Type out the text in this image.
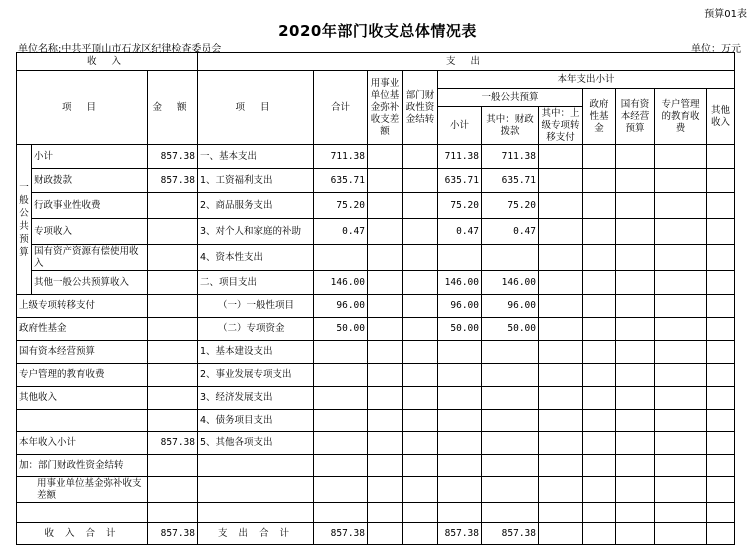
预算01表
2020年部门收支总体情况表
单位名称:中共平顶山市石龙区纪律检查委员会	单位：万元
收 入			支 出										
项 目		金 额	项 目	合计	用事业单位基金弥补收支差额	部门财政性资金结转	本年支出小计						
							一般公共预算			政府性基金	国有资本经营预算	专户管理的教育收费	其他收入
							小计	其中：财政拨款	其中：上级专项转移支付				

一般公共预算	小计	857.38	一、基本支出	711.38			711.38	711.38					
	财政拨款	857.38	1、工资福利支出	635.71			635.71	635.71					
	行政事业性收费		2、商品服务支出	75.20			75.20	75.20					
	专项收入		3、对个人和家庭的补助	0.47			0.47	0.47					
	国有资产资源有偿使用收入		4、资本性支出										
	其他一般公共预算收入		二、项目支出	146.00			146.00	146.00					
上级专项转移支付			（一）一般性项目	96.00			96.00	96.00					
政府性基金			（二）专项资金	50.00			50.00	50.00					
国有资本经营预算			1、基本建设支出										
专户管理的教育收费			2、事业发展专项支出										
其他收入			3、经济发展支出										
			4、债务项目支出										
本年收入小计		857.38	5、其他各项支出										
加：部门财政性资金结转													
用事业单位基金弥补收支差额													

收 入 合 计		857.38	支 出 合 计	857.38			857.38	857.38					
